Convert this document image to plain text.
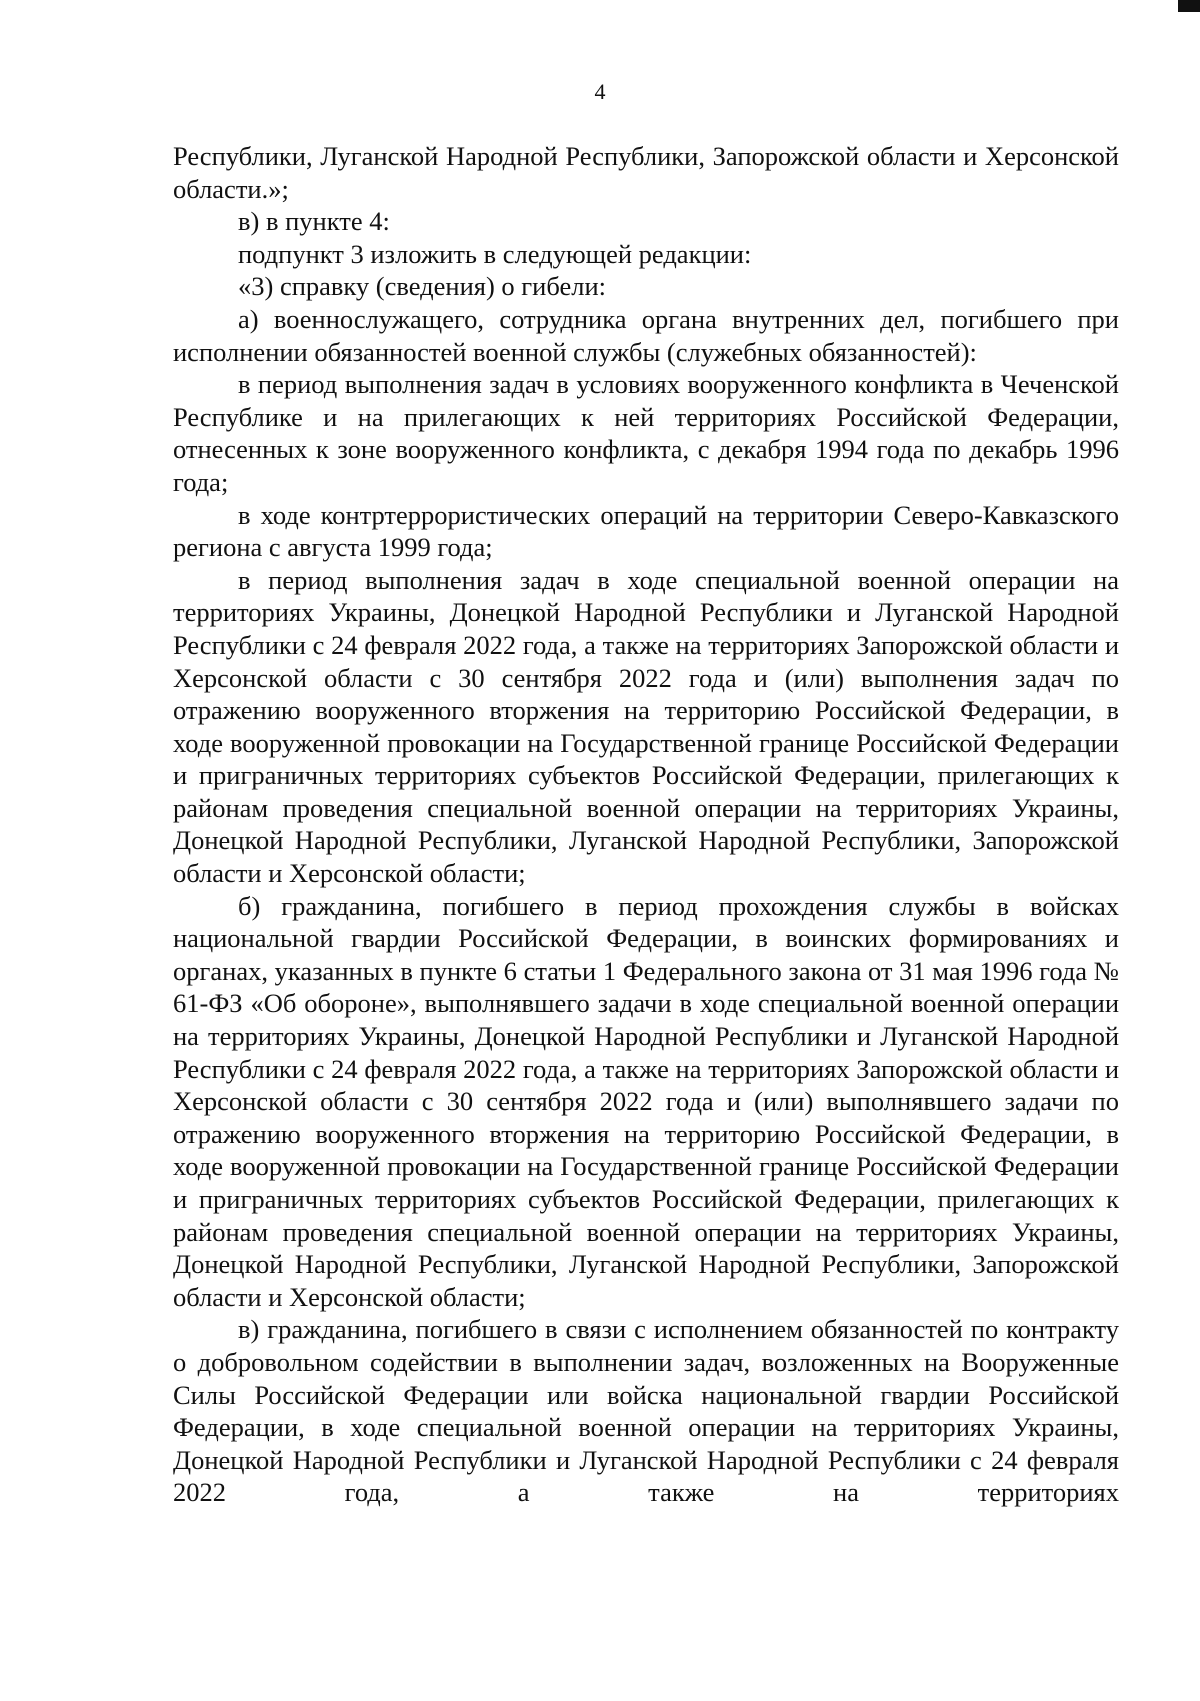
4

Республики, Луганской Народной Республики, Запорожской области и Херсонской области.»;

в) в пункте 4:

подпункт 3 изложить в следующей редакции:

«3) справку (сведения) о гибели:

а) военнослужащего, сотрудника органа внутренних дел, погибшего при исполнении обязанностей военной службы (служебных обязанностей):

в период выполнения задач в условиях вооруженного конфликта в Чеченской Республике и на прилегающих к ней территориях Российской Федерации, отнесенных к зоне вооруженного конфликта, с декабря 1994 года по декабрь 1996 года;

в ходе контртеррористических операций на территории Северо-Кавказского региона с августа 1999 года;

в период выполнения задач в ходе специальной военной операции на территориях Украины, Донецкой Народной Республики и Луганской Народной Республики с 24 февраля 2022 года, а также на территориях Запорожской области и Херсонской области с 30 сентября 2022 года и (или) выполнения задач по отражению вооруженного вторжения на территорию Российской Федерации, в ходе вооруженной провокации на Государственной границе Российской Федерации и приграничных территориях субъектов Российской Федерации, прилегающих к районам проведения специальной военной операции на территориях Украины, Донецкой Народной Республики, Луганской Народной Республики, Запорожской области и Херсонской области;

б) гражданина, погибшего в период прохождения службы в войсках национальной гвардии Российской Федерации, в воинских формированиях и органах, указанных в пункте 6 статьи 1 Федерального закона от 31 мая 1996 года № 61-ФЗ «Об обороне», выполнявшего задачи в ходе специальной военной операции на территориях Украины, Донецкой Народной Республики и Луганской Народной Республики с 24 февраля 2022 года, а также на территориях Запорожской области и Херсонской области с 30 сентября 2022 года и (или) выполнявшего задачи по отражению вооруженного вторжения на территорию Российской Федерации, в ходе вооруженной провокации на Государственной границе Российской Федерации и приграничных территориях субъектов Российской Федерации, прилегающих к районам проведения специальной военной операции на территориях Украины, Донецкой Народной Республики, Луганской Народной Республики, Запорожской области и Херсонской области;

в) гражданина, погибшего в связи с исполнением обязанностей по контракту о добровольном содействии в выполнении задач, возложенных на Вооруженные Силы Российской Федерации или войска национальной гвардии Российской Федерации, в ходе специальной военной операции на территориях Украины, Донецкой Народной Республики и Луганской Народной Республики с 24 февраля 2022 года, а также на территориях
